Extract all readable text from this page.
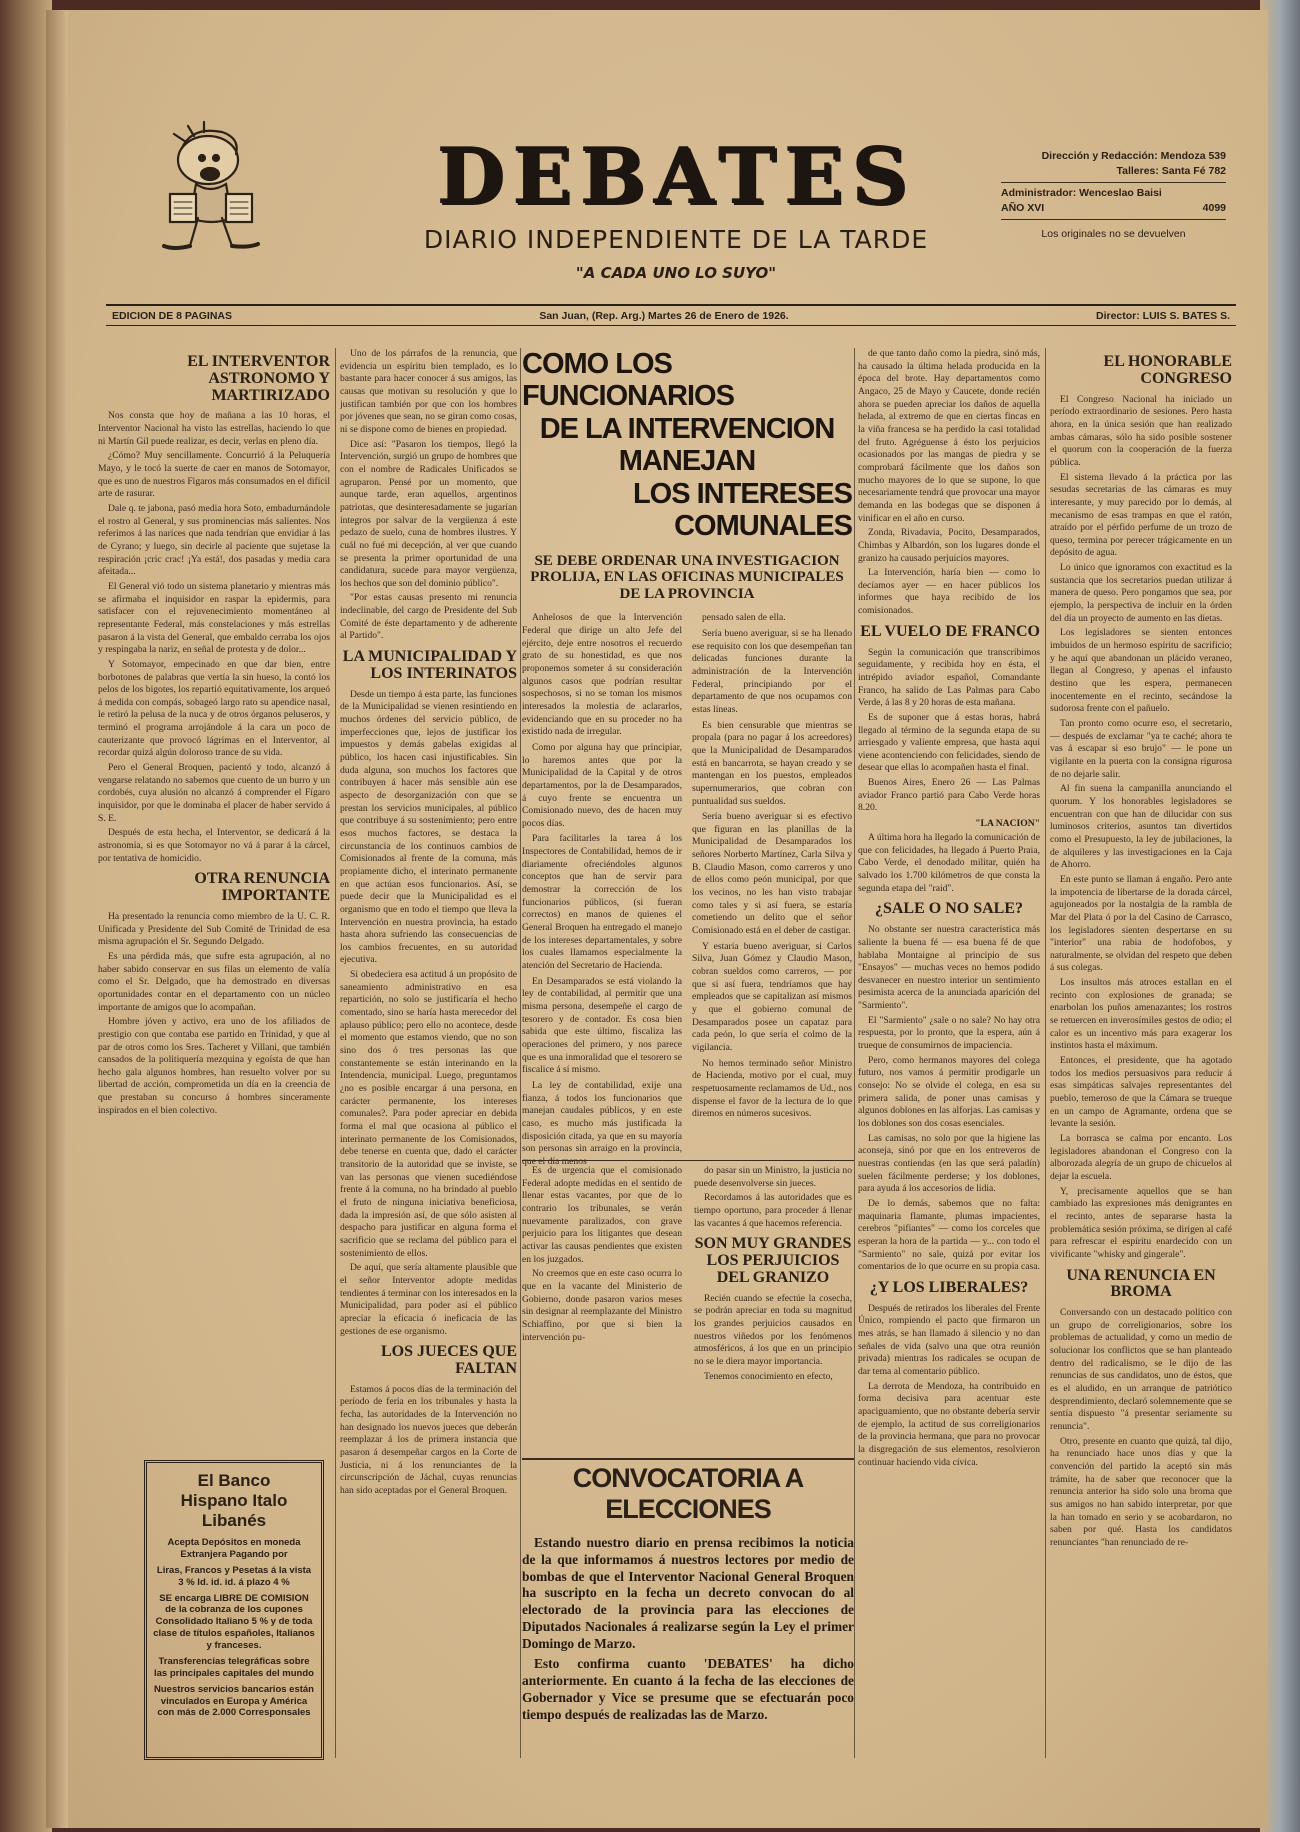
DEBATES
DIARIO INDEPENDIENTE DE LA TARDE
"A CADA UNO LO SUYO"
Dirección y Redacción: Mendoza 539
Talleres: Santa Fé 782
Administrador: Wenceslao Baisi
AÑO XVI	4099
Los originales no se devuelven
EDICION DE 8 PAGINAS	San Juan, (Rep. Arg.) Martes 26 de Enero de 1926.	Director: LUIS S. BATES S.
EL INTERVENTOR ASTRONOMO Y MARTIRIZADO

Nos consta que hoy de mañana a las 10 horas, el Interventor Nacional ha visto las estrellas, haciendo lo que ni Martín Gil puede realizar, es decir, verlas en pleno día.

¿Cómo? Muy sencillamente. Concurrió á la Peluquería Mayo, y le tocó la suerte de caer en manos de Sotomayor, que es uno de nuestros Figaros más consumados en el difícil arte de rasurar.

Dale q. te jabona, pasó media hora Soto, embadurnándole el rostro al General, y sus prominencias más salientes. Nos referimos á las narices que nada tendrían que envidiar á las de Cyrano; y luego, sin decirle al paciente que sujetase la respiración ¡cric crac! ¡Ya está!, dos pasadas y media cara afeitada...

El General vió todo un sistema planetario y mientras más se afirmaba el inquisidor en raspar la epidermis, para satisfacer con el rejuvenecimiento momentáneo al representante Federal, más constelaciones y más estrellas pasaron á la vista del General, que embaldo cerraba los ojos y respingaba la nariz, en señal de protesta y de dolor...

Y Sotomayor, empecinado en que dar bien, entre borbotones de palabras que vertía la sin hueso, la contó los pelos de los bigotes, los repartió equitativamente, los arqueó á medida con compás, sobageó largo rato su apendice nasal, le retiró la pelusa de la nuca y de otros órganos peluseros, y terminó el programa arrojándole á la cara un poco de cauterizante que provocó lágrimas en el Interventor, al recordar quizá algún doloroso trance de su vida.

Pero el General Broquen, pacientó y todo, alcanzó á vengarse relatando no sabemos que cuento de un burro y un cordobés, cuya alusión no alcanzó á comprender el Fígaro inquisidor, por que le dominaba el placer de haber servido á S. E.

Después de esta hecha, el Interventor, se dedicará á la astronomía, si es que Sotomayor no vá á parar á la cárcel, por tentativa de homicidio.

OTRA RENUNCIA IMPORTANTE

Ha presentado la renuncia como miembro de la U. C. R. Unificada y Presidente del Sub Comité de Trinidad de esa misma agrupación el Sr. Segundo Delgado.

Es una pérdida más, que sufre esta agrupación, al no haber sabido conservar en sus filas un elemento de valía como el Sr. Delgado, que ha demostrado en diversas oportunidades contar en el departamento con un núcleo importante de amigos que lo acompañan.

Hombre jóven y activo, era uno de los afiliados de prestigio con que contaba ese partido en Trinidad, y que al par de otros como los Sres. Tacheret y Villani, que también cansados de la politiquería mezquina y egoísta de que han hecho gala algunos hombres, han resuelto volver por su libertad de acción, comprometida un día en la creencia de que prestaban su concurso á hombres sinceramente inspirados en el bien colectivo.

El Banco
Hispano Italo Libanés
Acepta Depósitos en moneda Extranjera Pagando por
Liras, Francos y Pesetas á la vista 3 % Id. id. id. á plazo 4 %
SE encarga LIBRE DE COMISION de la cobranza de los cupones Consolidado Italiano 5 % y de toda clase de títulos españoles, Italianos y franceses.
Transferencias telegráficas sobre las principales capitales del mundo
Nuestros servicios bancarios están vinculados en Europa y América con más de 2.000 Corresponsales

Uno de los párrafos de la renuncia, que evidencia un espíritu bien templado, es lo bastante para hacer conocer á sus amigos, las causas que motivan su resolución y que lo justifican también por que con los hombres por jóvenes que sean, no se giran como cosas, ni se dispone como de bienes en propiedad.

Dice así: "Pasaron los tiempos, llegó la Intervención, surgió un grupo de hombres que con el nombre de Radicales Unificados se agruparon. Pensé por un momento, que aunque tarde, eran aquellos, argentinos patriotas, que desinteresadamente se jugarían íntegros por salvar de la vergüenza á este pedazo de suelo, cuna de hombres ilustres. Y cuál no fué mi decepción, al ver que cuando se presenta la primer oportunidad de una candidatura, sucede para mayor vergüenza, los hechos que son del dominio público".

"Por estas causas presento mi renuncia indeclinable, del cargo de Presidente del Sub Comité de éste departamento y de adherente al Partido".

LA MUNICIPALIDAD Y LOS INTERINATOS

Desde un tiempo á esta parte, las funciones de la Municipalidad se vienen resintiendo en muchos órdenes del servicio público, de imperfecciones que, lejos de justificar los impuestos y demás gabelas exigidas al público, los hacen casi injustificables. Sin duda alguna, son muchos los factores que contribuyen á hacer más sensible aún ese aspecto de desorganización con que se prestan los servicios municipales, al público que contribuye á su sostenimiento; pero entre esos muchos factores, se destaca la circunstancia de los continuos cambios de Comisionados al frente de la comuna, más propiamente dicho, el interinato permanente en que actúan esos funcionarios. Así, se puede decir que la Municipalidad es el organismo que en todo el tiempo que lleva la Intervención en nuestra provincia, ha estado hasta ahora sufriendo las consecuencias de los cambios frecuentes, en su autoridad ejecutiva.

Si obedeciera esa actitud á un propósito de saneamiento administrativo en esa repartición, no solo se justificaría el hecho comentado, sino se haría hasta merecedor del aplauso público; pero ello no acontece, desde el momento que estamos viendo, que no son sino dos ó tres personas las que constantemente se están interinando en la Intendencia, municipal. Luego, preguntamos ¿no es posible encargar á una persona, en carácter permanente, los intereses comunales?. Para poder apreciar en debida forma el mal que ocasiona al público el interinato permanente de los Comisionados, debe tenerse en cuenta que, dado el carácter transitorio de la autoridad que se inviste, se van las personas que vienen sucediéndose frente á la comuna, no ha brindado al pueblo el fruto de ninguna iniciativa beneficiosa, dada la impresión así, de que sólo asisten al despacho para justificar en alguna forma el sacrificio que se reclama del público para el sostenimiento de ellos.

De aquí, que sería altamente plausible que el señor Interventor adopte medidas tendientes á terminar con los interesados en la Municipalidad, para poder así el público apreciar la eficacia ó ineficacia de las gestiones de ese organismo.

LOS JUECES QUE FALTAN

Estamos á pocos días de la terminación del período de feria en los tribunales y hasta la fecha, las autoridades de la Intervención no han designado los nuevos jueces que deberán reemplazar á los de primera instancia que pasaron á desempeñar cargos en la Corte de Justicia, ni á los renunciantes de la circunscripción de Jáchal, cuyas renuncias han sido aceptadas por el General Broquen.

COMO LOS FUNCIONARIOS
DE LA INTERVENCION MANEJAN
LOS INTERESES COMUNALES
SE DEBE ORDENAR UNA INVESTIGACION PROLIJA, EN LAS OFICINAS MUNICIPALES DE LA PROVINCIA

Anhelosos de que la Intervención Federal que dirige un alto Jefe del ejército, deje entre nosotros el recuerdo grato de su honestidad, es que nos proponemos someter á su consideración algunos casos que podrían resultar sospechosos, si no se toman los mismos interesados la molestia de aclararlos, evidenciando que en su proceder no ha existido nada de irregular.

Como por alguna hay que principiar, lo haremos antes que por la Municipalidad de la Capital y de otros departamentos, por la de Desamparados, á cuyo frente se encuentra un Comisionado nuevo, des de hacen muy pocos días.

Para facilitarles la tarea á los Inspectores de Contabilidad, hemos de ir diariamente ofreciéndoles algunos conceptos que han de servir para demostrar la corrección de los funcionarios públicos, (si fueran correctos) en manos de quienes el General Broquen ha entregado el manejo de los intereses departamentales, y sobre los cuales llamamos especialmente la atención del Secretario de Hacienda.

En Desamparados se está violando la ley de contabilidad, al permitir que una misma persona, desempeñe el cargo de tesorero y de contador. Es cosa bien sabida que este último, fiscaliza las operaciones del primero, y nos parece que es una inmoralidad que el tesorero se fiscalice á sí mismo.

La ley de contabilidad, exije una fianza, á todos los funcionarios que manejan caudales públicos, y en este caso, es mucho más justificada la disposición citada, ya que en su mayoría son personas sin arraigo en la provincia, que el día menos

pensado salen de ella.

Sería bueno averiguar, si se ha llenado ese requisito con los que desempeñan tan delicadas funciones durante la administración de la Intervención Federal, principiando por el departamento de que nos ocupamos con estas líneas.

Es bien censurable que mientras se propala (para no pagar á los acreedores) que la Municipalidad de Desamparados está en bancarrota, se hayan creado y se mantengan en los puestos, empleados supernumerarios, que cobran con puntualidad sus sueldos.

Sería bueno averiguar si es efectivo que figuran en las planillas de la Municipalidad de Desamparados los señores Norberto Martínez, Carla Silva y B. Claudio Mason, como carreros y uno de ellos como peón municipal, por que los vecinos, no les han visto trabajar como tales y si así fuera, se estaría cometiendo un delito que el señor Comisionado está en el deber de castigar.

Y estaría bueno averiguar, si Carlos Silva, Juan Gómez y Claudio Mason, cobran sueldos como carreros, — por que si así fuera, tendríamos que hay empleados que se capitalizan así mismos y que el gobierno comunal de Desamparados posee un capataz para cada peón, lo que sería el colmo de la vigilancia.

No hemos terminado señor Ministro de Hacienda, motivo por el cual, muy respetuosamente reclamamos de Ud., nos dispense el favor de la lectura de lo que diremos en números sucesivos.

Es de urgencia que el comisionado Federal adopte medidas en el sentido de llenar estas vacantes, por que de lo contrario los tribunales, se verán nuevamente paralizados, con grave perjuicio para los litigantes que desean activar las causas pendientes que existen en los juzgados.

No creemos que en este caso ocurra lo que en la vacante del Ministerio de Gobierno, donde pasaron varios meses sin designar al reemplazante del Ministro Schiaffino, por que si bien la intervención pu-

do pasar sin un Ministro, la justicia no puede desenvolverse sin jueces.

Recordamos á las autoridades que es tiempo oportuno, para proceder á llenar las vacantes á que hacemos referencia.

SON MUY GRANDES LOS PERJUICIOS DEL GRANIZO

Recién cuando se efectúe la cosecha, se podrán apreciar en toda su magnitud los grandes perjuicios causados en nuestros viñedos por los fenómenos atmosféricos, á los que en un principio no se le diera mayor importancia.

Tenemos conocimiento en efecto,

CONVOCATORIA A ELECCIONES

Estando nuestro diario en prensa recibimos la noticia de la que informamos á nuestros lectores por medio de bombas de que el Interventor Nacional General Broquen ha suscripto en la fecha un decreto convocan do al electorado de la provincia para las elecciones de Diputados Nacionales á realizarse según la Ley el primer Domingo de Marzo.

Esto confirma cuanto 'DEBATES' ha dicho anteriormente. En cuanto á la fecha de las elecciones de Gobernador y Vice se presume que se efectuarán poco tiempo después de realizadas las de Marzo.

de que tanto daño como la piedra, sinó más, ha causado la última helada producida en la época del brote. Hay departamentos como Angaco, 25 de Mayo y Caucete, donde recién ahora se pueden apreciar los daños de aquella helada, al extremo de que en ciertas fincas en la viña francesa se ha perdido la casi totalidad del fruto. Agréguense á ésto los perjuicios ocasionados por las mangas de piedra y se comprobará fácilmente que los daños son mucho mayores de lo que se supone, lo que necesariamente tendrá que provocar una mayor demanda en las bodegas que se disponen á vinificar en el año en curso.

Zonda, Rivadavia, Pocito, Desamparados, Chimbas y Albardón, son los lugares donde el granizo ha causado perjuicios mayores.

La Intervención, haría bien — como lo decíamos ayer — en hacer públicos los informes que haya recibido de los comisionados.

EL VUELO DE FRANCO

Según la comunicación que transcribimos seguidamente, y recibida hoy en ésta, el intrépido aviador español, Comandante Franco, ha salido de Las Palmas para Cabo Verde, á las 8 y 20 horas de esta mañana.

Es de suponer que á estas horas, habrá llegado al término de la segunda etapa de su arriesgado y valiente empresa, que hasta aquí viene acontenciendo con felicidades, siendo de desear que ellas lo acompañen hasta el final.

Buenos Aires, Enero 26 — Las Palmas aviador Franco partió para Cabo Verde horas 8.20.

"LA NACION"

A última hora ha llegado la comunicación de que con felicidades, ha llegado á Puerto Praia, Cabo Verde, el denodado militar, quién ha salvado los 1.700 kilómetros de que consta la segunda etapa del "raid".

¿SALE O NO SALE?

No obstante ser nuestra característica más saliente la buena fé — esa buena fé de que hablaba Montaigne al principio de sus "Ensayos" — muchas veces no hemos podido desvanecer en nuestro interior un sentimiento pesimista acerca de la anunciada aparición del "Sarmiento".

El "Sarmiento" ¿sale o no sale? No hay otra respuesta, por lo pronto, que la espera, aún á trueque de consumirnos de impaciencia.

Pero, como hermanos mayores del colega futuro, nos vamos á permitir prodigarle un consejo: No se olvide el colega, en esa su primera salida, de poner unas camisas y algunos doblones en las alforjas. Las camisas y los doblones son dos cosas esenciales.

Las camisas, no solo por que la higiene las aconseja, sinó por que en los entreveros de nuestras contiendas (en las que será paladín) suelen fácilmente perderse; y los doblones, para ayuda á los accesorios de lidia.

De lo demás, sabemos que no falta: maquinaria flamante, plumas impacientes, cerebros "pifiantes" — como los corceles que esperan la hora de la partida — y... con todo el "Sarmiento" no sale, quizá por evitar los comentarios de lo que ocurre en su propia casa.

¿Y LOS LIBERALES?

Después de retirados los liberales del Frente Único, rompiendo el pacto que firmaron un mes atrás, se han llamado á silencio y no dan señales de vida (salvo una que otra reunión privada) mientras los radicales se ocupan de dar tema al comentario público.

La derrota de Mendoza, ha contribuido en forma decisiva para acentuar este apaciguamiento, que no obstante debería servir de ejemplo, la actitud de sus correligionarios de la provincia hermana, que para no provocar la disgregación de sus elementos, resolvieron continuar haciendo vida cívica.

EL HONORABLE CONGRESO

El Congreso Nacional ha iniciado un período extraordinario de sesiones. Pero hasta ahora, en la única sesión que han realizado ambas cámaras, sólo ha sido posible sostener el quorum con la cooperación de la fuerza pública.

El sistema llevado á la práctica por las sesudas secretarias de las cámaras es muy interesante, y muy parecido por lo demás, al mecanismo de esas trampas en que el ratón, atraído por el pérfido perfume de un trozo de queso, termina por perecer trágicamente en un depósito de agua.

Lo único que ignoramos con exactitud es la sustancia que los secretarios puedan utilizar á manera de queso. Pero pongamos que sea, por ejemplo, la perspectiva de incluir en la órden del día un proyecto de aumento en las dietas.

Los legisladores se sienten entonces imbuídos de un hermoso espíritu de sacrificio; y he aquí que abandonan un plácido veraneo, llegan al Congreso, y apenas el infausto destino que les espera, permanecen inocentemente en el recinto, secándose la sudorosa frente con el pañuelo.

Tan pronto como ocurre eso, el secretario, — después de exclamar "ya te caché; ahora te vas á escapar si eso brujo" — le pone un vigilante en la puerta con la consigna rigurosa de no dejarle salir.

Al fin suena la campanilla anunciando el quorum. Y los honorables legisladores se encuentran con que han de dilucidar con sus luminosos criterios, asuntos tan divertidos como el Presupuesto, la ley de jubilaciones, la de alquileres y las investigaciones en la Caja de Ahorro.

En este punto se llaman á engaño. Pero ante la impotencia de libertarse de la dorada cárcel, agujoneados por la nostalgia de la rambla de Mar del Plata ó por la del Casino de Carrasco, los legisladores sienten despertarse en su "interior" una rabia de hodofobos, y naturalmente, se olvidan del respeto que deben á sus colegas.

Los insultos más atroces estallan en el recinto con explosiones de granada; se enarbolan los puños amenazantes; los rostros se retuercen en inverosímiles gestos de odio; el calor es un incentivo más para exagerar los instintos hasta el máximum.

Entonces, el presidente, que ha agotado todos los medios persuasivos para reducir á esas simpáticas salvajes representantes del pueblo, temeroso de que la Cámara se trueque en un campo de Agramante, ordena que se levante la sesión.

La borrasca se calma por encanto. Los legisladores abandonan el Congreso con la alborozada alegría de un grupo de chicuelos al dejar la escuela.

Y, precisamente aquellos que se han cambiado las expresiones más denigrantes en el recinto, antes de separarse hasta la problemática sesión próxima, se dirigen al café para refrescar el espíritu enardecido con un vivificante "whisky and gingerale".

UNA RENUNCIA EN BROMA

Conversando con un destacado político con un grupo de correligionarios, sobre los problemas de actualidad, y como un medio de solucionar los conflictos que se han planteado dentro del radicalismo, se le dijo de las renuncias de sus candidatos, uno de éstos, que es el aludido, en un arranque de patriótico desprendimiento, declaró solemnemente que se sentía dispuesto "á presentar seriamente su renuncia".

Otro, presente en cuanto que quizá, tal dijo, ha renunciado hace unos días y que la convención del partido la aceptó sin más trámite, ha de saber que reconocer que la renuncia anterior ha sido solo una broma que sus amigos no han sabido interpretar, por que la han tomado en serio y se acobardaron, no saben por qué. Hasta los candidatos renunciantes "han renunciado de re-
